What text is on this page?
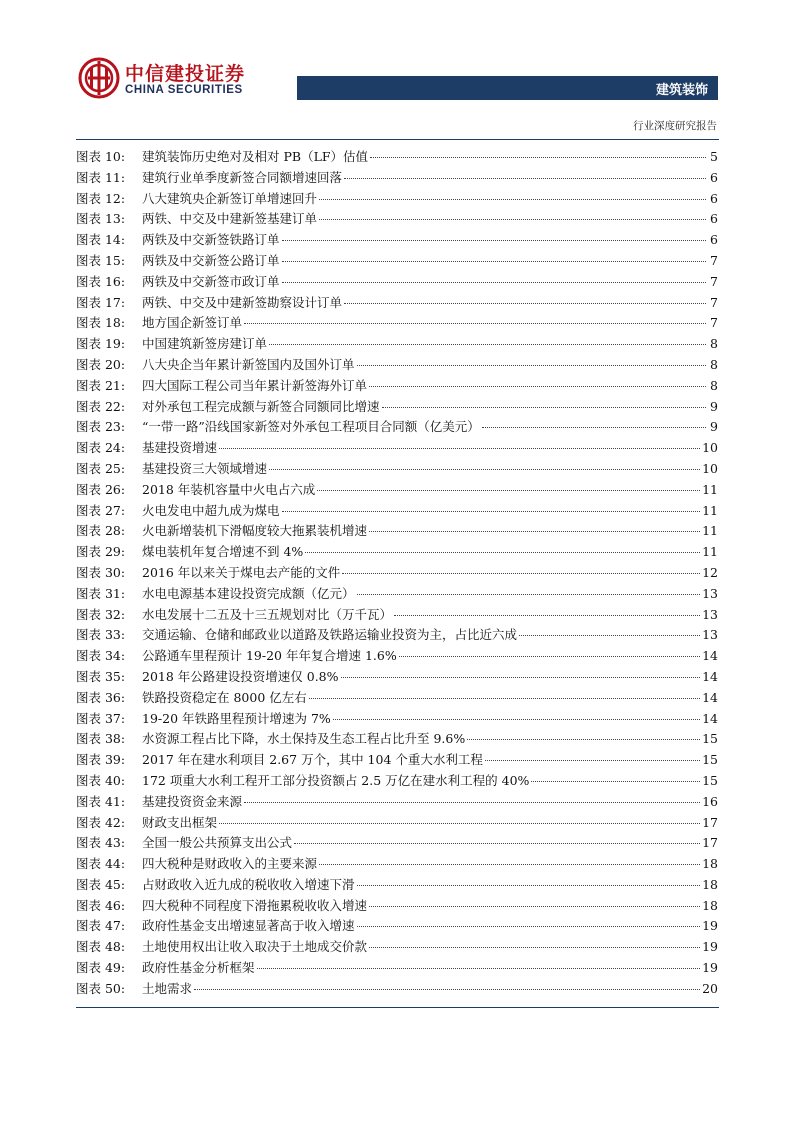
中信建投证券
CHINA SECURITIES	建筑装饰
行业深度研究报告
图表 10:	建筑装饰历史绝对及相对 PB（LF）估值	5
图表 11:	建筑行业单季度新签合同额增速回落	6
图表 12:	八大建筑央企新签订单增速回升	6
图表 13:	两铁、中交及中建新签基建订单	6
图表 14:	两铁及中交新签铁路订单	6
图表 15:	两铁及中交新签公路订单	7
图表 16:	两铁及中交新签市政订单	7
图表 17:	两铁、中交及中建新签勘察设计订单	7
图表 18:	地方国企新签订单	7
图表 19:	中国建筑新签房建订单	8
图表 20:	八大央企当年累计新签国内及国外订单	8
图表 21:	四大国际工程公司当年累计新签海外订单	8
图表 22:	对外承包工程完成额与新签合同额同比增速	9
图表 23:	“一带一路”沿线国家新签对外承包工程项目合同额（亿美元）	9
图表 24:	基建投资增速	10
图表 25:	基建投资三大领域增速	10
图表 26:	2018 年装机容量中火电占六成	11
图表 27:	火电发电中超九成为煤电	11
图表 28:	火电新增装机下滑幅度较大拖累装机增速	11
图表 29:	煤电装机年复合增速不到 4%	11
图表 30:	2016 年以来关于煤电去产能的文件	12
图表 31:	水电电源基本建设投资完成额（亿元）	13
图表 32:	水电发展十二五及十三五规划对比（万千瓦）	13
图表 33:	交通运输、仓储和邮政业以道路及铁路运输业投资为主，占比近六成	13
图表 34:	公路通车里程预计 19-20 年年复合增速 1.6%	14
图表 35:	2018 年公路建设投资增速仅 0.8%	14
图表 36:	铁路投资稳定在 8000 亿左右	14
图表 37:	19-20 年铁路里程预计增速为 7%	14
图表 38:	水资源工程占比下降，水土保持及生态工程占比升至 9.6%	15
图表 39:	2017 年在建水利项目 2.67 万个，其中 104 个重大水利工程	15
图表 40:	172 项重大水利工程开工部分投资额占 2.5 万亿在建水利工程的 40%	15
图表 41:	基建投资资金来源	16
图表 42:	财政支出框架	17
图表 43:	全国一般公共预算支出公式	17
图表 44:	四大税种是财政收入的主要来源	18
图表 45:	占财政收入近九成的税收收入增速下滑	18
图表 46:	四大税种不同程度下滑拖累税收收入增速	18
图表 47:	政府性基金支出增速显著高于收入增速	19
图表 48:	土地使用权出让收入取决于土地成交价款	19
图表 49:	政府性基金分析框架	19
图表 50:	土地需求	20
